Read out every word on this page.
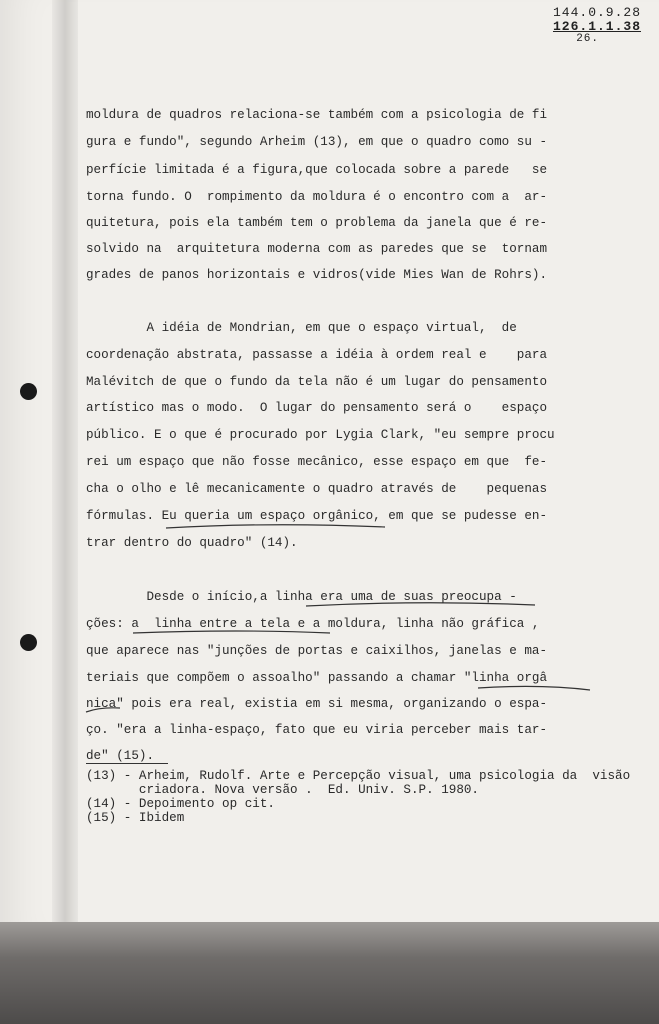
144.0.9.28
126.1.1.38
26.
moldura de quadros relaciona-se também com a psicologia de fi
gura e fundo", segundo Arheim (13), em que o quadro como su -
perfície limitada é a figura,que colocada sobre a parede   se
torna fundo. O  rompimento da moldura é o encontro com a  ar-
quitetura, pois ela também tem o problema da janela que é re-
solvido na  arquitetura moderna com as paredes que se  tornam
grades de panos horizontais e vidros(vide Mies Wan de Rohrs).
A idéia de Mondrian, em que o espaço virtual,  de
coordenação abstrata, passasse a idéia à ordem real e    para
Malévitch de que o fundo da tela não é um lugar do pensamento
artístico mas o modo.  O lugar do pensamento será o    espaço
público. E o que é procurado por Lygia Clark, "eu sempre procu
rei um espaço que não fosse mecânico, esse espaço em que  fe-
cha o olho e lê mecanicamente o quadro através de    pequenas
fórmulas. Eu queria um espaço orgânico, em que se pudesse en-
trar dentro do quadro" (14).
Desde o início,a linha era uma de suas preocupa -
ções: a  linha entre a tela e a moldura, linha não gráfica ,
que aparece nas "junções de portas e caixilhos, janelas e ma-
teriais que compõem o assoalho" passando a chamar "linha orgâ
nica" pois era real, existia em si mesma, organizando o espa-
ço. "era a linha-espaço, fato que eu viria perceber mais tar-
de" (15).
(13) - Arheim, Rudolf. Arte e Percepção visual, uma psicologia da  visão
criadora. Nova versão .  Ed. Univ. S.P. 1980.
(14) - Depoimento op cit.
(15) - Ibidem
